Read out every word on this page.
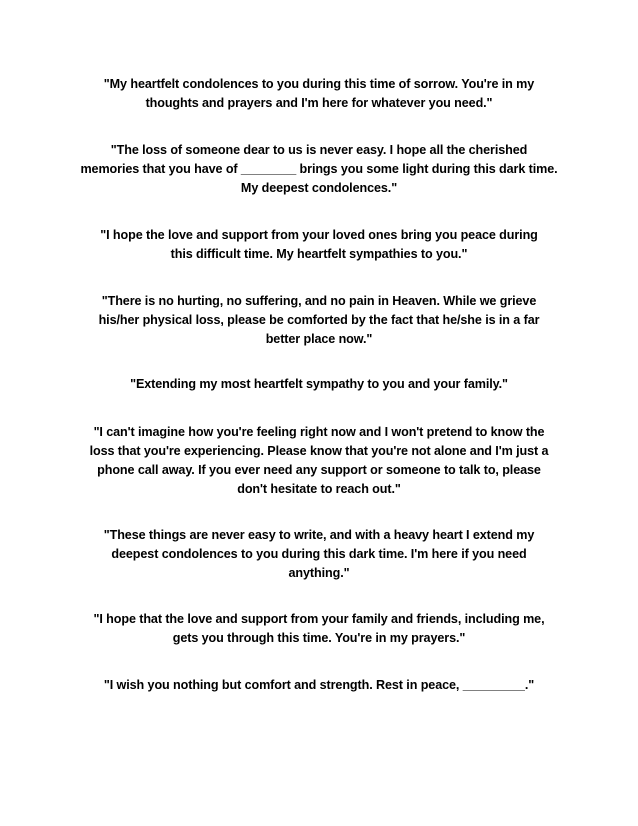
"My heartfelt condolences to you during this time of sorrow. You're in my thoughts and prayers and I'm here for whatever you need."

"The loss of someone dear to us is never easy. I hope all the cherished memories that you have of ________ brings you some light during this dark time. My deepest condolences."

"I hope the love and support from your loved ones bring you peace during this difficult time. My heartfelt sympathies to you."

"There is no hurting, no suffering, and no pain in Heaven. While we grieve his/her physical loss, please be comforted by the fact that he/she is in a far better place now."

"Extending my most heartfelt sympathy to you and your family."

"I can't imagine how you're feeling right now and I won't pretend to know the loss that you're experiencing. Please know that you're not alone and I'm just a phone call away. If you ever need any support or someone to talk to, please don't hesitate to reach out."

"These things are never easy to write, and with a heavy heart I extend my deepest condolences to you during this dark time. I'm here if you need anything."

"I hope that the love and support from your family and friends, including me, gets you through this time. You're in my prayers."

"I wish you nothing but comfort and strength. Rest in peace, _________."
